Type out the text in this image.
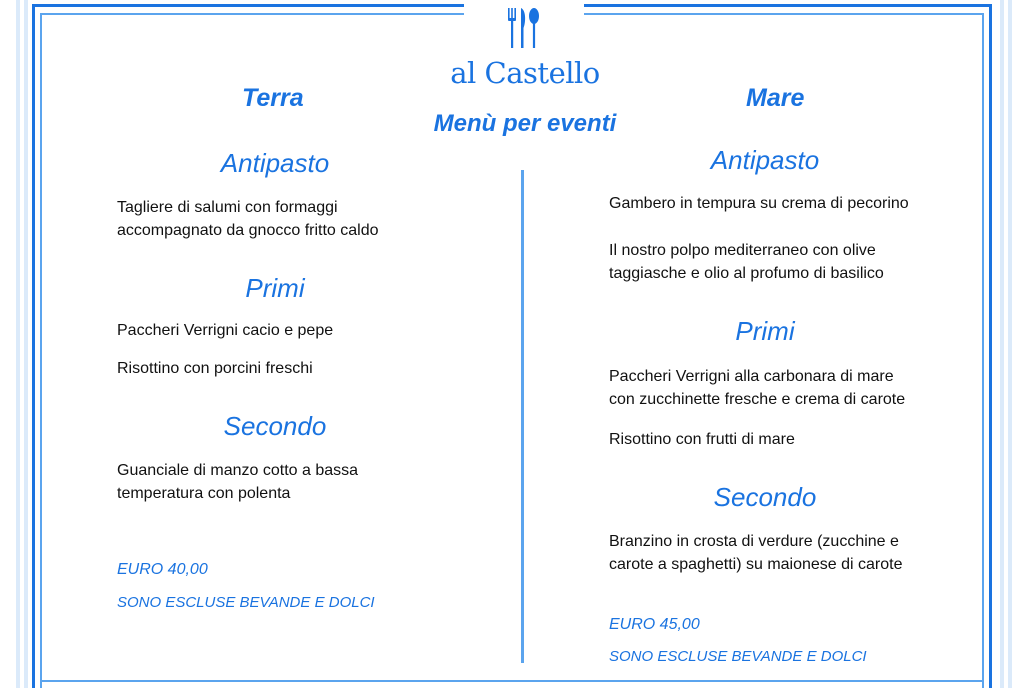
al Castello
Menù per eventi
Terra
Antipasto
Tagliere di salumi con formaggi
accompagnato da gnocco fritto caldo
Primi
Paccheri Verrigni cacio e pepe
Risottino con porcini freschi
Secondo
Guanciale di manzo cotto a bassa
temperatura con polenta
EURO 40,00
SONO ESCLUSE BEVANDE E DOLCI
Mare
Antipasto
Gambero in tempura su crema di pecorino
Il nostro polpo mediterraneo con olive
taggiasche e olio al profumo di basilico
Primi
Paccheri Verrigni alla carbonara di mare
con zucchinette fresche e crema di carote
Risottino con frutti di mare
Secondo
Branzino in crosta di verdure (zucchine e
carote a spaghetti) su maionese di carote
EURO 45,00
SONO ESCLUSE BEVANDE E DOLCI
